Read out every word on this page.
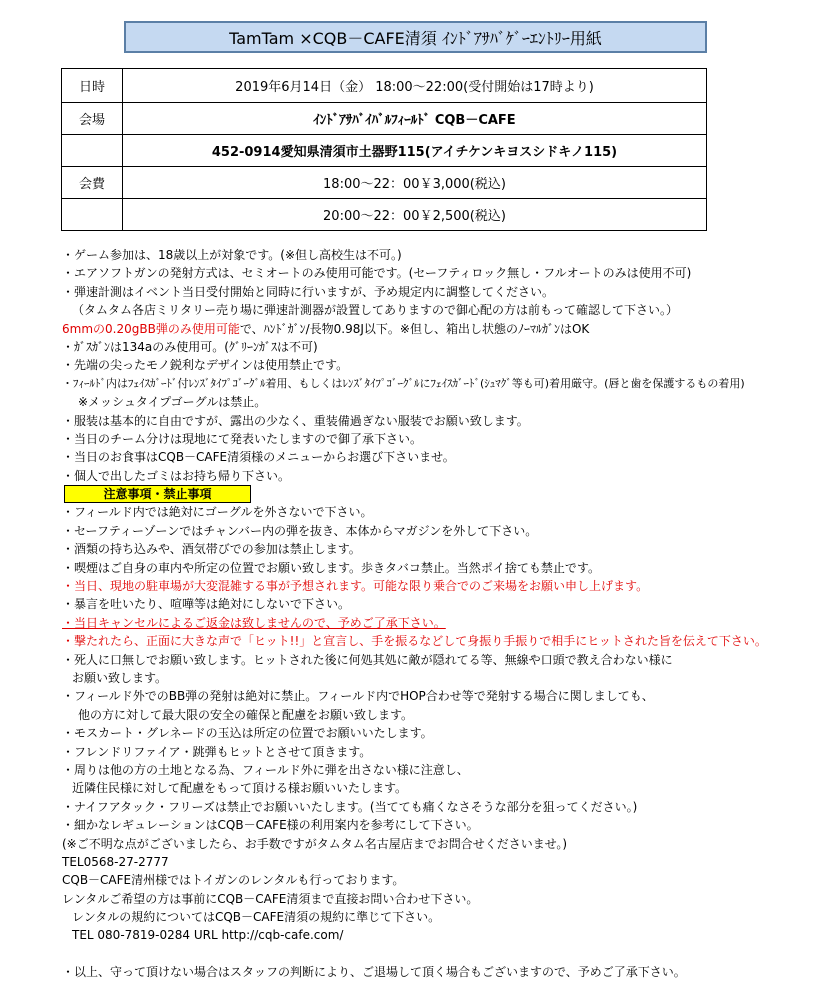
TamTam ×CQB－CAFE清須 ｲﾝﾄﾞｱｻﾊﾞｹﾞｰｴﾝﾄﾘｰ用紙
日時	2019年6月14日（金） 18:00～22:00(受付開始は17時より)
会場	ｲﾝﾄﾞｱｻﾊﾞｲﾊﾞﾙﾌｨｰﾙﾄﾞ CQB－CAFE
	452-0914愛知県清須市土器野115(アイチケンキヨスシドキノ115)
会費	18:00～22：00￥3,000(税込)
	20:00～22：00￥2,500(税込)
・ゲーム参加は、18歳以上が対象です。(※但し高校生は不可。)
・エアソフトガンの発射方式は、セミオートのみ使用可能です。(セーフティロック無し・フルオートのみは使用不可)
・弾速計測はイベント当日受付開始と同時に行いますが、予め規定内に調整してください。
（タムタム各店ミリタリー売り場に弾速計測器が設置してありますので御心配の方は前もって確認して下さい。）
6mmの0.20gBB弾のみ使用可能で、ﾊﾝﾄﾞｶﾞﾝ/長物0.98J以下。※但し、箱出し状態のﾉｰﾏﾙｶﾞﾝはOK
・ｶﾞｽｶﾞﾝは134aのみ使用可。(ｸﾞﾘｰﾝｶﾞｽは不可)
・先端の尖ったモノ鋭利なデザインは使用禁止です。
・ﾌｨｰﾙﾄﾞ内はﾌｪｲｽｶﾞｰﾄﾞ付ﾚﾝｽﾞﾀｲﾌﾟｺﾞｰｸﾞﾙ着用、もしくはﾚﾝｽﾞﾀｲﾌﾟｺﾞｰｸﾞﾙにﾌｪｲｽｶﾞｰﾄﾞ(ｼｭﾏｸﾞ等も可)着用厳守。(唇と歯を保護するもの着用)
※メッシュタイプゴーグルは禁止。
・服装は基本的に自由ですが、露出の少なく、重装備過ぎない服装でお願い致します。
・当日のチーム分けは現地にて発表いたしますので御了承下さい。
・当日のお食事はCQB－CAFE清須様のメニューからお選び下さいませ。
・個人で出したゴミはお持ち帰り下さい。
注意事項・禁止事項
・フィールド内では絶対にゴーグルを外さないで下さい。
・セーフティーゾーンではチャンバー内の弾を抜き、本体からマガジンを外して下さい。
・酒類の持ち込みや、酒気帯びでの参加は禁止します。
・喫煙はご自身の車内や所定の位置でお願い致します。歩きタバコ禁止。当然ポイ捨ても禁止です。
・当日、現地の駐車場が大変混雑する事が予想されます。可能な限り乗合でのご来場をお願い申し上げます。
・暴言を吐いたり、喧嘩等は絶対にしないで下さい。
・当日キャンセルによるご返金は致しませんので、予めご了承下さい。
・撃たれたら、正面に大きな声で「ヒット!!」と宣言し、手を振るなどして身振り手振りで相手にヒットされた旨を伝えて下さい。
・死人に口無しでお願い致します。ヒットされた後に何処其処に敵が隠れてる等、無線や口頭で教え合わない様に
お願い致します。
・フィールド外でのBB弾の発射は絶対に禁止。フィールド内でHOP合わせ等で発射する場合に関しましても、
他の方に対して最大限の安全の確保と配慮をお願い致します。
・モスカート・グレネードの玉込は所定の位置でお願いいたします。
・フレンドリファイア・跳弾もヒットとさせて頂きます。
・周りは他の方の土地となる為、フィールド外に弾を出さない様に注意し、
近隣住民様に対して配慮をもって頂ける様お願いいたします。
・ナイフアタック・フリーズは禁止でお願いいたします。(当てても痛くなさそうな部分を狙ってください。)
・細かなレギュレーションはCQB－CAFE様の利用案内を参考にして下さい。
(※ご不明な点がございましたら、お手数ですがタムタム名古屋店までお問合せくださいませ。)
TEL0568-27-2777
CQB－CAFE清州様ではトイガンのレンタルも行っております。
レンタルご希望の方は事前にCQB－CAFE清須まで直接お問い合わせ下さい。
レンタルの規約についてはCQB－CAFE清須の規約に準じて下さい。
TEL 080-7819-0284 URL http://cqb-cafe.com/
・以上、守って頂けない場合はスタッフの判断により、ご退場して頂く場合もございますので、予めご了承下さい。
